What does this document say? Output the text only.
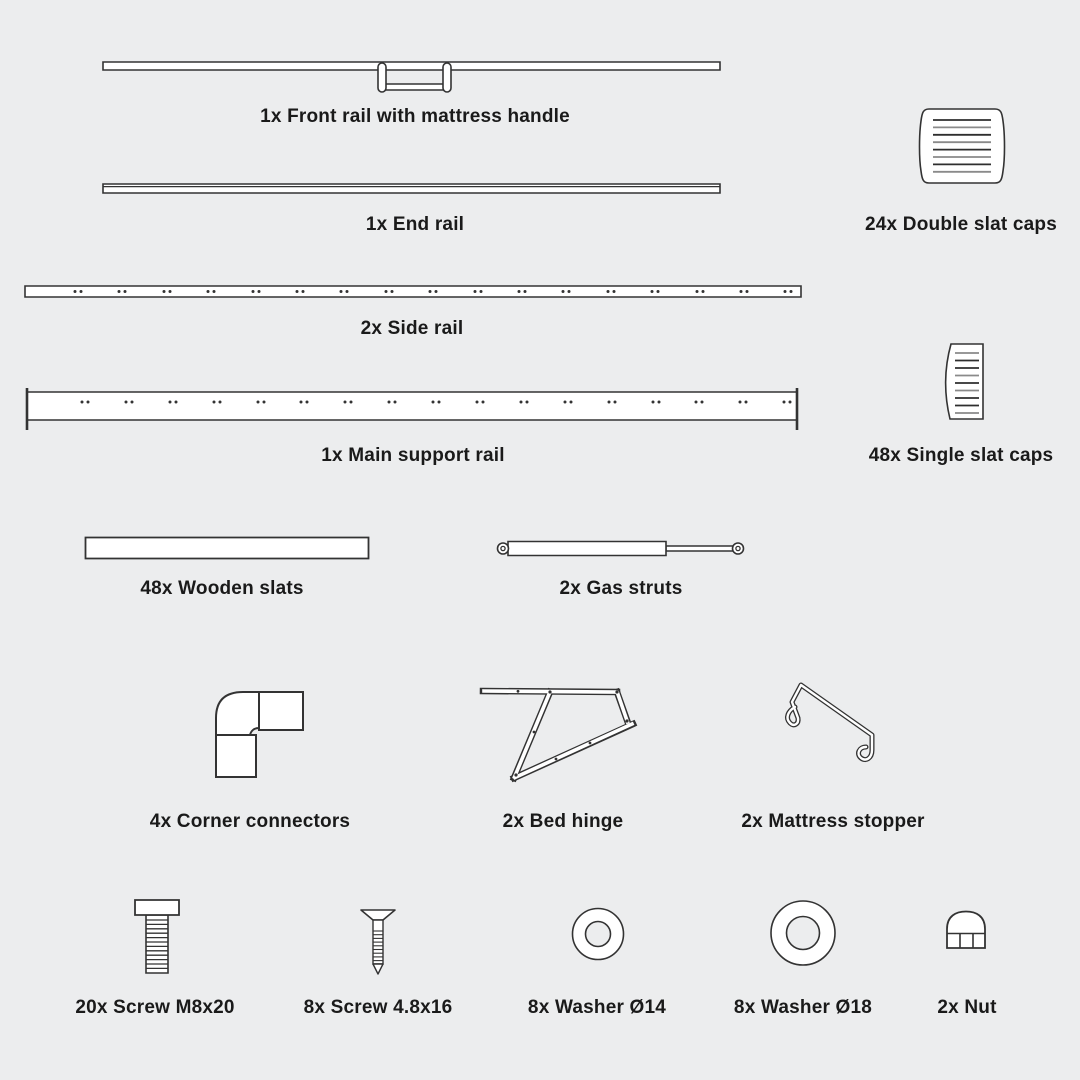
1x Front rail with mattress handle
1x End rail
2x Side rail
1x Main support rail
24x Double slat caps
48x Single slat caps
48x Wooden slats	2x Gas struts
4x Corner connectors	2x Bed hinge	2x Mattress stopper
20x Screw M8x20	8x Screw 4.8x16	8x Washer Ø14	8x Washer Ø18	2x Nut
